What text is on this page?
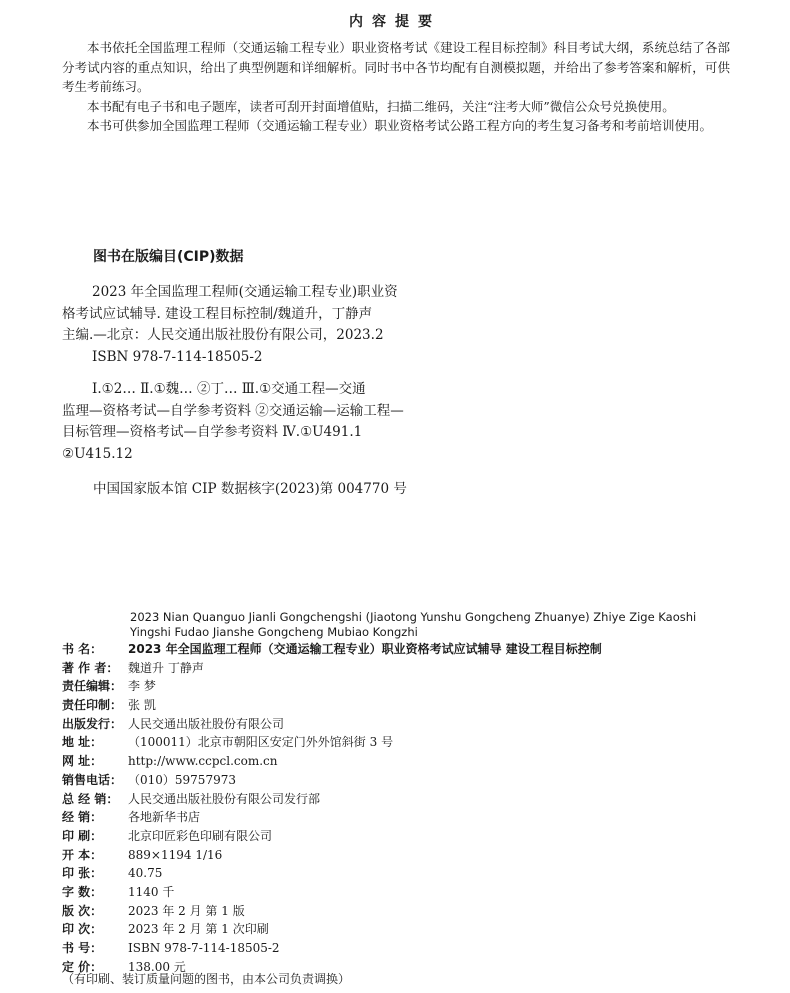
内容提要

本书依托全国监理工程师（交通运输工程专业）职业资格考试《建设工程目标控制》科目考试大纲，系统总结了各部分考试内容的重点知识，给出了典型例题和详细解析。同时书中各节均配有自测模拟题，并给出了参考答案和解析，可供考生考前练习。

本书配有电子书和电子题库，读者可刮开封面增值贴，扫描二维码，关注“注考大师”微信公众号兑换使用。

本书可供参加全国监理工程师（交通运输工程专业）职业资格考试公路工程方向的考生复习备考和考前培训使用。

图书在版编目(CIP)数据
2023 年全国监理工程师(交通运输工程专业)职业资
格考试应试辅导. 建设工程目标控制/魏道升，丁静声
主编.—北京：人民交通出版社股份有限公司，2023.2
ISBN 978-7-114-18505-2
Ⅰ.①2… Ⅱ.①魏… ②丁… Ⅲ.①交通工程—交通
监理—资格考试—自学参考资料 ②交通运输—运输工程—
目标管理—资格考试—自学参考资料 Ⅳ.①U491.1
②U415.12
中国国家版本馆 CIP 数据核字(2023)第 004770 号
2023 Nian Quanguo Jianli Gongchengshi (Jiaotong Yunshu Gongcheng Zhuanye) Zhiye Zige Kaoshi Yingshi Fudao Jianshe Gongcheng Mubiao Kongzhi
书 名： 2023 年全国监理工程师（交通运输工程专业）职业资格考试应试辅导 建设工程目标控制
著 作 者： 魏道升 丁静声
责任编辑： 李 梦
责任印制： 张 凯
出版发行： 人民交通出版社股份有限公司
地 址： （100011）北京市朝阳区安定门外外馆斜街 3 号
网 址： http://www.ccpcl.com.cn
销售电话： （010）59757973
总 经 销： 人民交通出版社股份有限公司发行部
经 销： 各地新华书店
印 刷： 北京印匠彩色印刷有限公司
开 本： 889×1194 1/16
印 张： 40.75
字 数： 1140 千
版 次： 2023 年 2 月 第 1 版
印 次： 2023 年 2 月 第 1 次印刷
书 号： ISBN 978-7-114-18505-2
定 价： 138.00 元
（有印刷、装订质量问题的图书，由本公司负责调换）
